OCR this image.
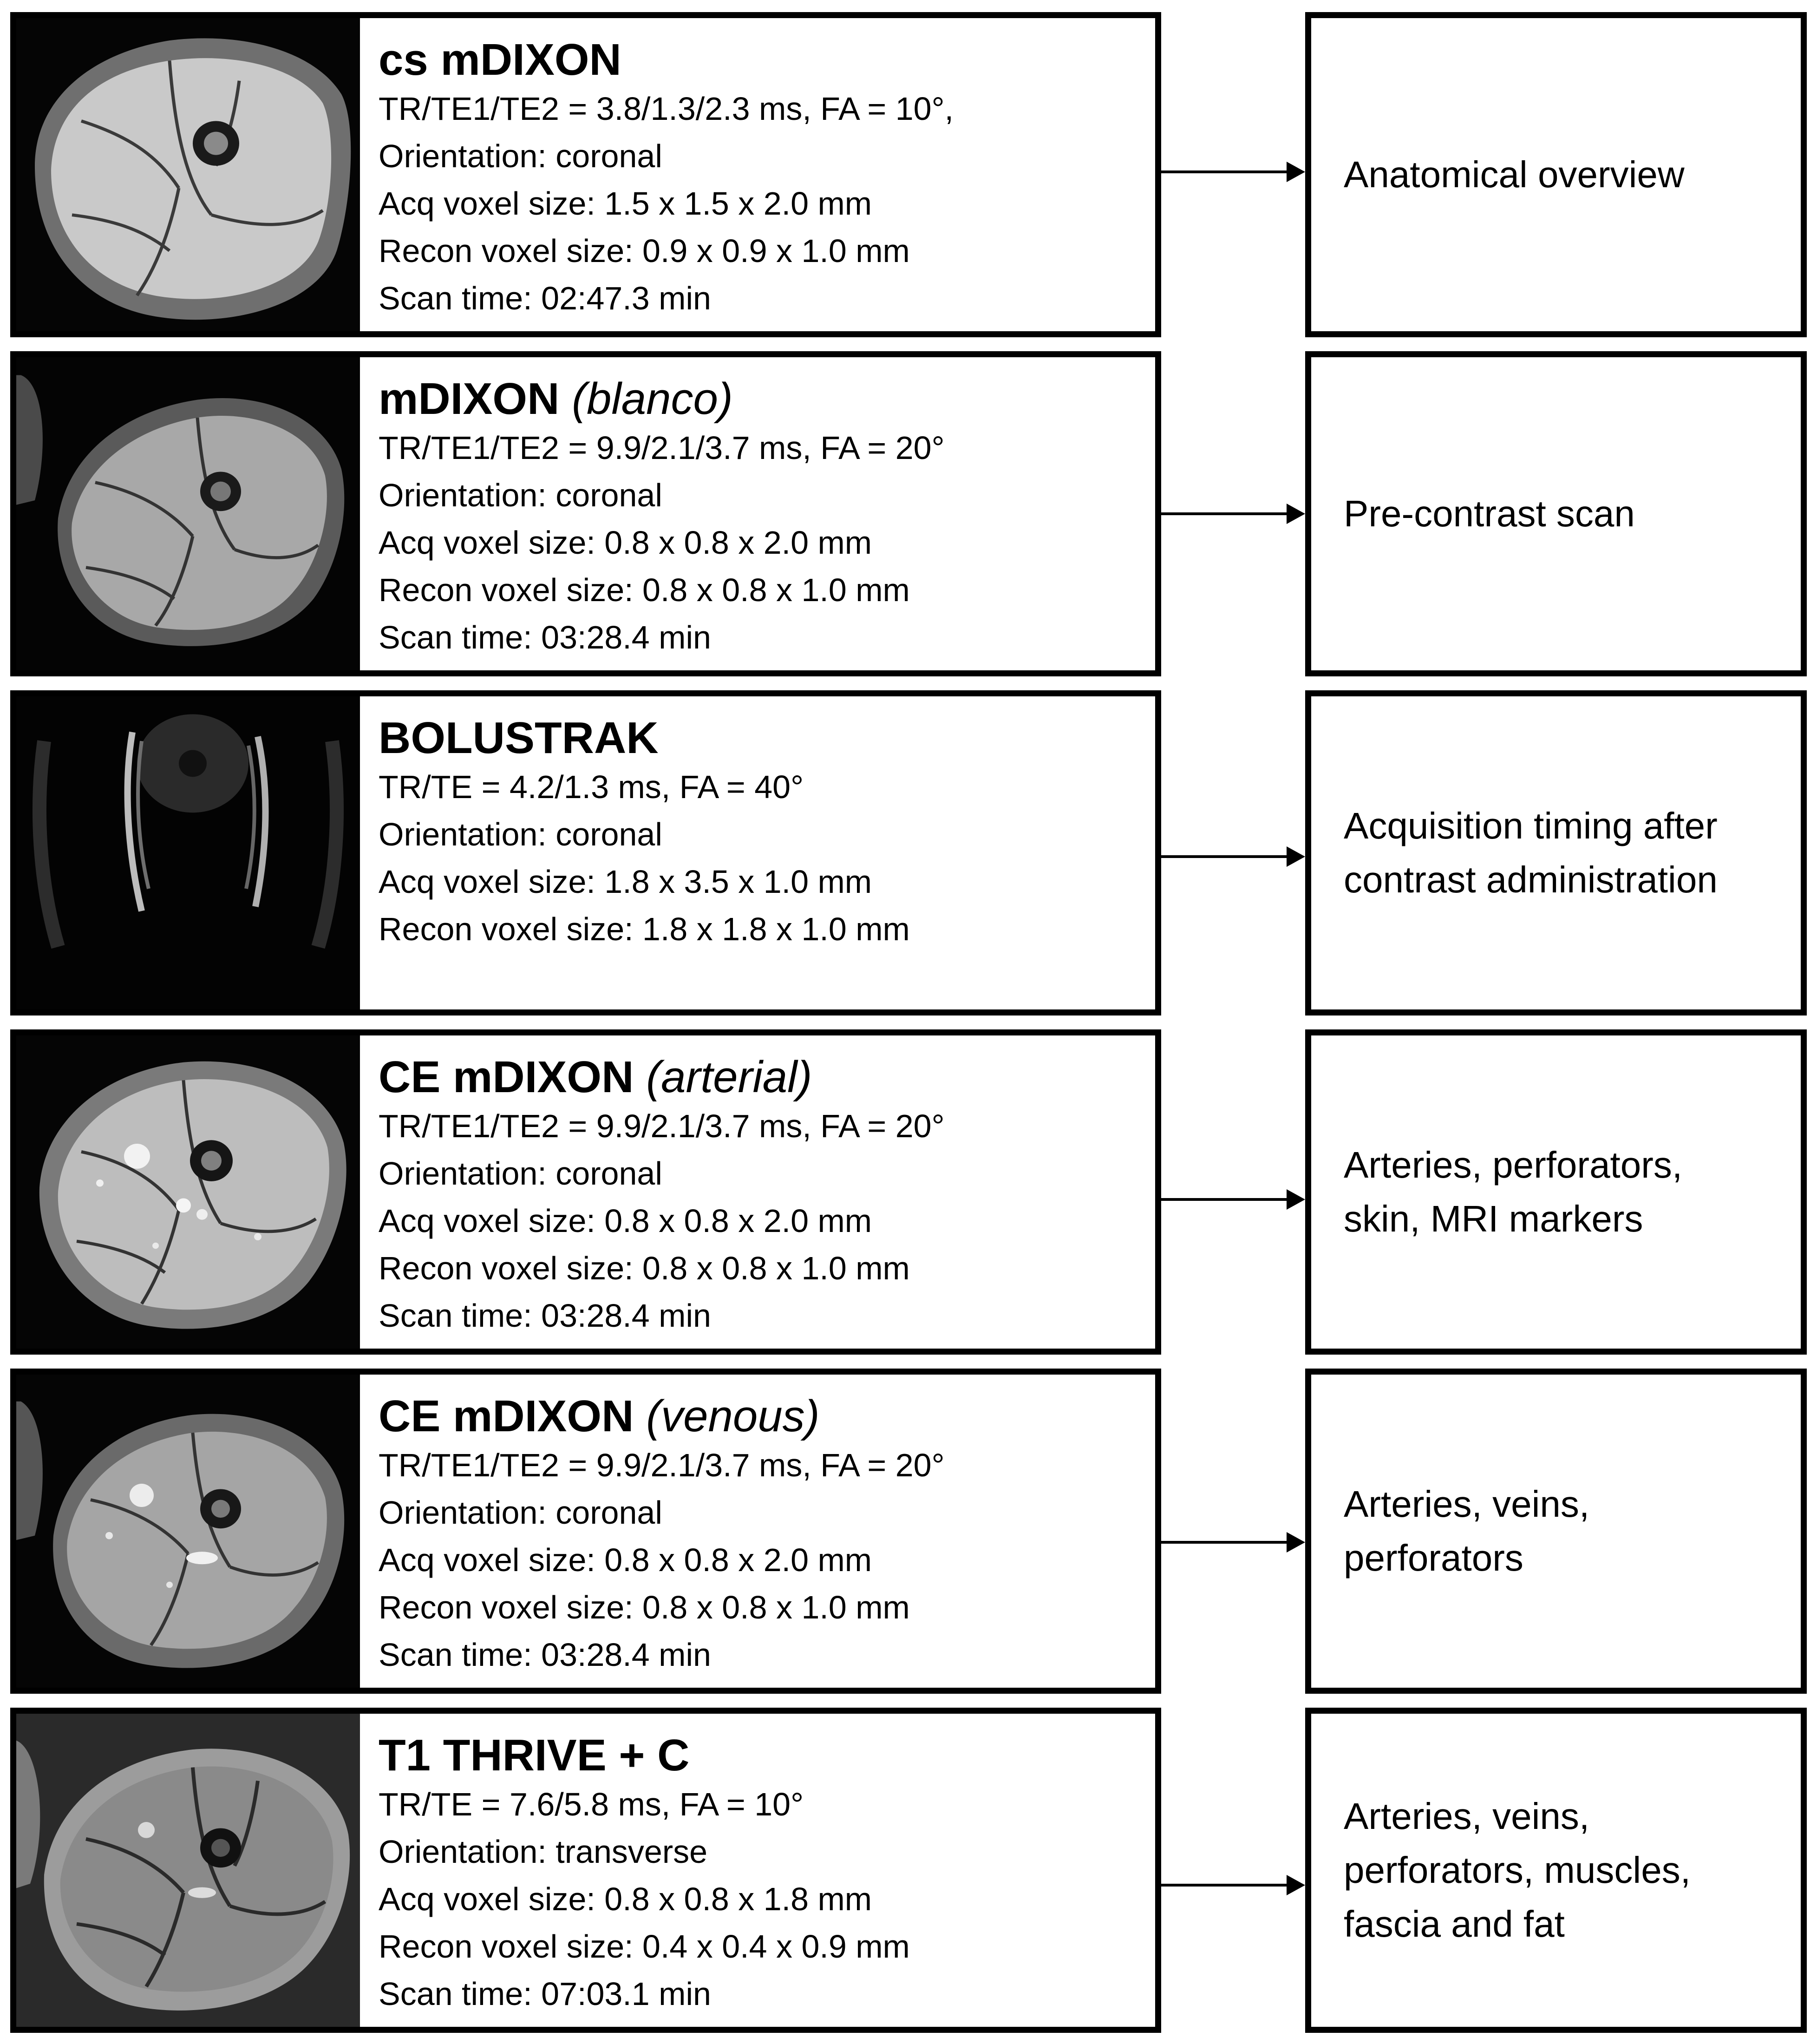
cs mDIXON
TR/TE1/TE2 = 3.8/1.3/2.3 ms, FA = 10°,
Orientation: coronal
Acq voxel size: 1.5 x 1.5 x 2.0 mm
Recon voxel size: 0.9 x 0.9 x 1.0 mm
Scan time: 02:47.3 min
Anatomical overview
mDIXON (blanco)
TR/TE1/TE2 = 9.9/2.1/3.7 ms, FA = 20°
Orientation: coronal
Acq voxel size: 0.8 x 0.8 x 2.0 mm
Recon voxel size: 0.8 x 0.8 x 1.0 mm
Scan time: 03:28.4 min
Pre-contrast scan
BOLUSTRAK
TR/TE = 4.2/1.3 ms, FA = 40°
Orientation: coronal
Acq voxel size: 1.8 x 3.5 x 1.0 mm
Recon voxel size: 1.8 x 1.8 x 1.0 mm
Acquisition timing after
contrast administration
CE mDIXON (arterial)
TR/TE1/TE2 = 9.9/2.1/3.7 ms, FA = 20°
Orientation: coronal
Acq voxel size: 0.8 x 0.8 x 2.0 mm
Recon voxel size: 0.8 x 0.8 x 1.0 mm
Scan time: 03:28.4 min
Arteries, perforators,
skin, MRI markers
CE mDIXON (venous)
TR/TE1/TE2 = 9.9/2.1/3.7 ms, FA = 20°
Orientation: coronal
Acq voxel size: 0.8 x 0.8 x 2.0 mm
Recon voxel size: 0.8 x 0.8 x 1.0 mm
Scan time: 03:28.4 min
Arteries, veins,
perforators
T1 THRIVE + C
TR/TE = 7.6/5.8 ms, FA = 10°
Orientation: transverse
Acq voxel size: 0.8 x 0.8 x 1.8 mm
Recon voxel size: 0.4 x 0.4 x 0.9 mm
Scan time: 07:03.1 min
Arteries, veins,
perforators, muscles,
fascia and fat
